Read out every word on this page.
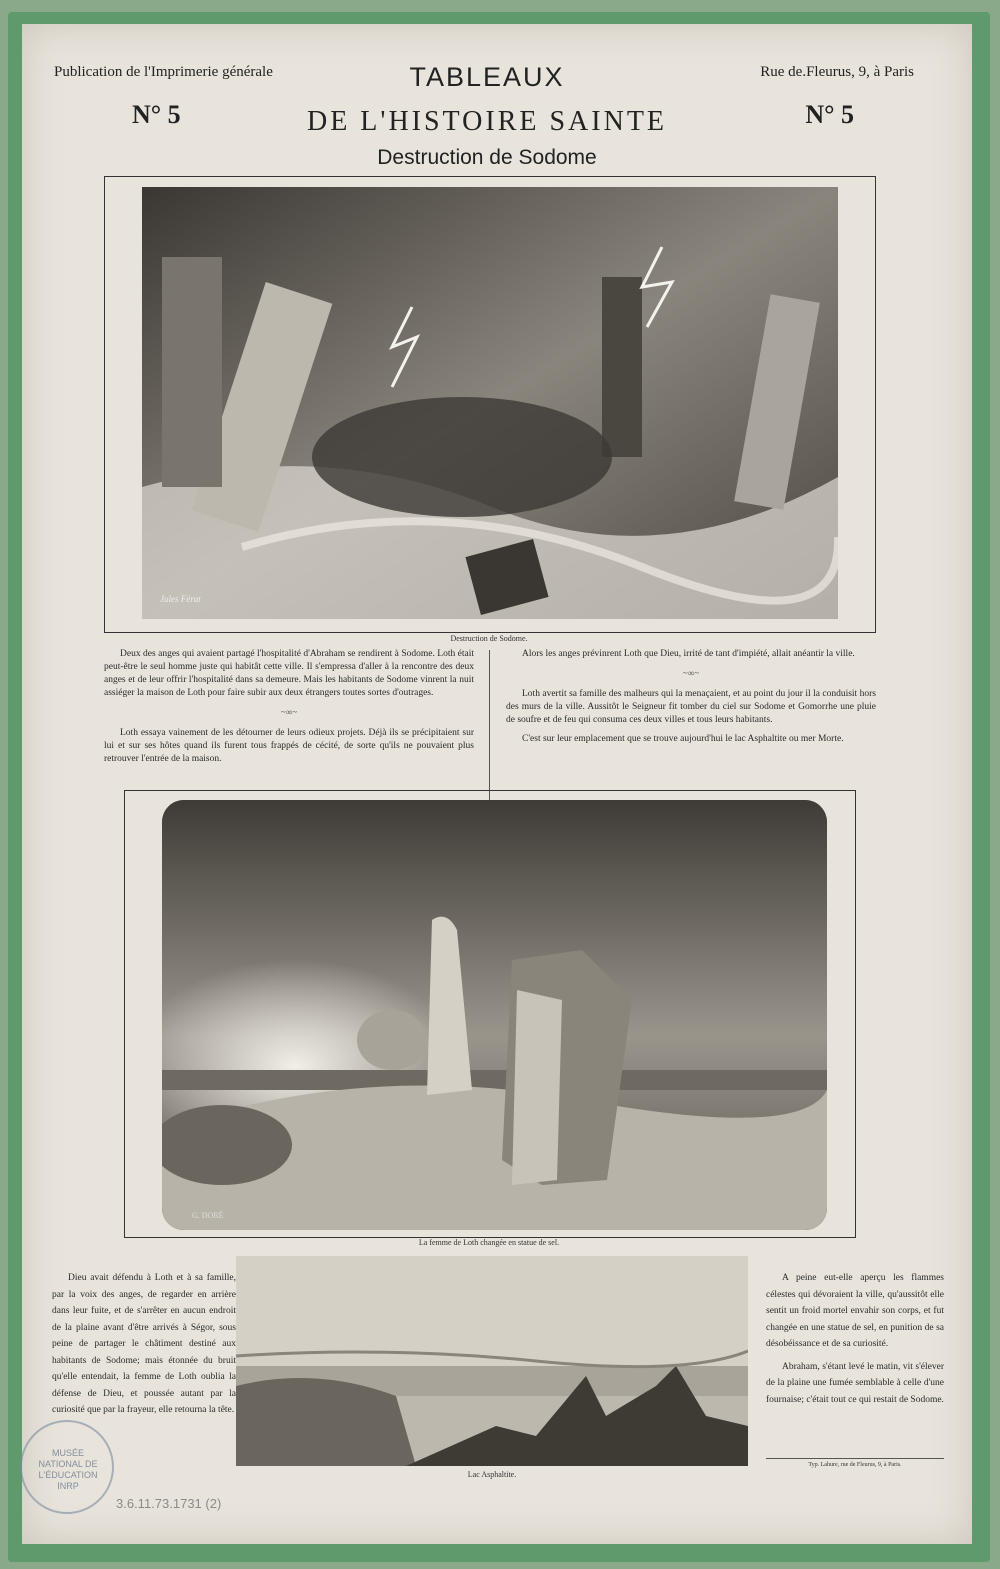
Publication de l'Imprimerie générale	Rue de.Fleurus, 9, à Paris
N° 5	N° 5
TABLEAUX
DE L'HISTOIRE SAINTE
Destruction de Sodome
Jules Férat
Destruction de Sodome.

Deux des anges qui avaient partagé l'hospitalité d'Abraham se rendirent à Sodome. Loth était peut-être le seul homme juste qui habitât cette ville. Il s'empressa d'aller à la rencontre des deux anges et de leur offrir l'hospitalité dans sa demeure. Mais les habitants de Sodome vinrent la nuit assiéger la maison de Loth pour faire subir aux deux étrangers toutes sortes d'outrages.

~∞~

Loth essaya vainement de les détourner de leurs odieux projets. Déjà ils se précipitaient sur lui et sur ses hôtes quand ils furent tous frappés de cécité, de sorte qu'ils ne pouvaient plus retrouver l'entrée de la maison.

Alors les anges prévinrent Loth que Dieu, irrité de tant d'impiété, allait anéantir la ville.

~∞~

Loth avertit sa famille des malheurs qui la menaçaient, et au point du jour il la conduisit hors des murs de la ville. Aussitôt le Seigneur fit tomber du ciel sur Sodome et Gomorrhe une pluie de soufre et de feu qui consuma ces deux villes et tous leurs habitants.

C'est sur leur emplacement que se trouve aujourd'hui le lac Asphaltite ou mer Morte.

G. DORÉ
La femme de Loth changée en statue de sel.

Dieu avait défendu à Loth et à sa famille, par la voix des anges, de regarder en arrière dans leur fuite, et de s'arrêter en aucun endroit de la plaine avant d'être arrivés à Ségor, sous peine de partager le châtiment destiné aux habitants de Sodome; mais étonnée du bruit qu'elle entendait, la femme de Loth oublia la défense de Dieu, et poussée autant par la curiosité que par la frayeur, elle retourna la tête.

Lac Asphaltite.

A peine eut-elle aperçu les flammes célestes qui dévoraient la ville, qu'aussitôt elle sentit un froid mortel envahir son corps, et fut changée en une statue de sel, en punition de sa désobéissance et de sa curiosité.

Abraham, s'étant levé le matin, vit s'élever de la plaine une fumée semblable à celle d'une fournaise; c'était tout ce qui restait de Sodome.

Typ. Lahure, rue de Fleurus, 9, à Paris.
MUSÉE NATIONAL DE L'ÉDUCATION INRP
3.6.11.73.1731 (2)
